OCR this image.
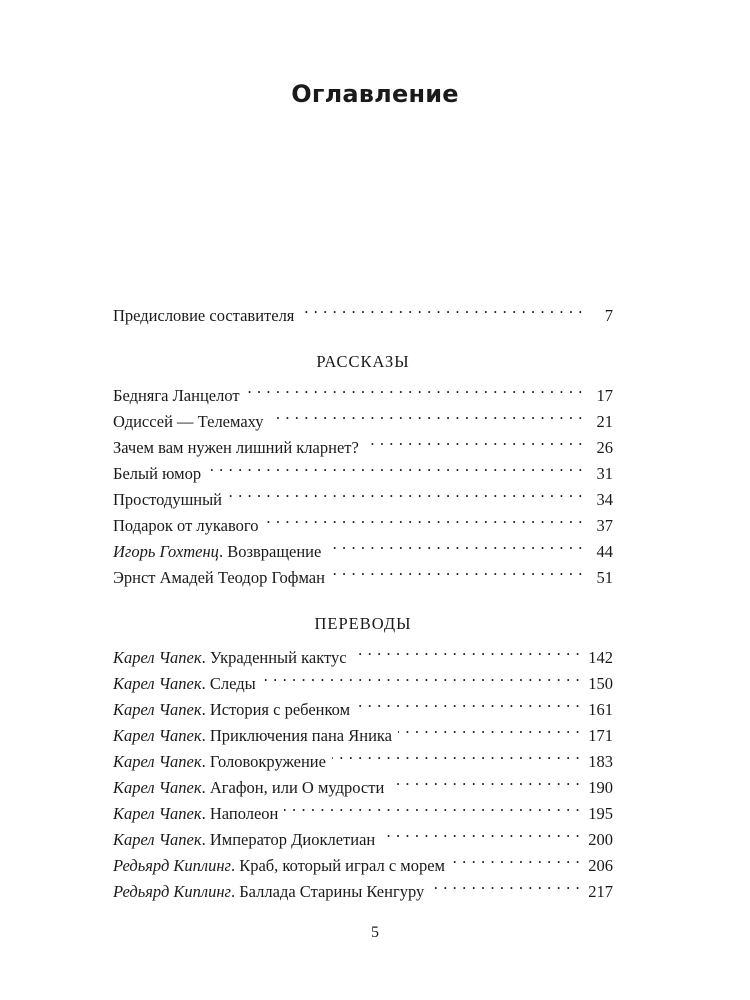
Оглавление
Предисловие составителя . . .	7
РАССКАЗЫ
Бедняга Ланцелот . . .	17
Одиссей — Телемаху . . .	21
Зачем вам нужен лишний кларнет? . . .	26
Белый юмор . . .	31
Простодушный . . .	34
Подарок от лукавого . . .	37
Игорь Гохтенц. Возвращение . . .	44
Эрнст Амадей Теодор Гофман . . .	51
ПЕРЕВОДЫ
Карел Чапек. Украденный кактус . . .	142
Карел Чапек. Следы . . .	150
Карел Чапек. История с ребенком . . .	161
Карел Чапек. Приключения пана Яника . . .	171
Карел Чапек. Головокружение . . .	183
Карел Чапек. Агафон, или О мудрости . . .	190
Карел Чапек. Наполеон . . .	195
Карел Чапек. Император Диоклетиан . . .	200
Редьярд Киплинг. Краб, который играл с морем . . .	206
Редьярд Киплинг. Баллада Старины Кенгуру . . .	217
5
